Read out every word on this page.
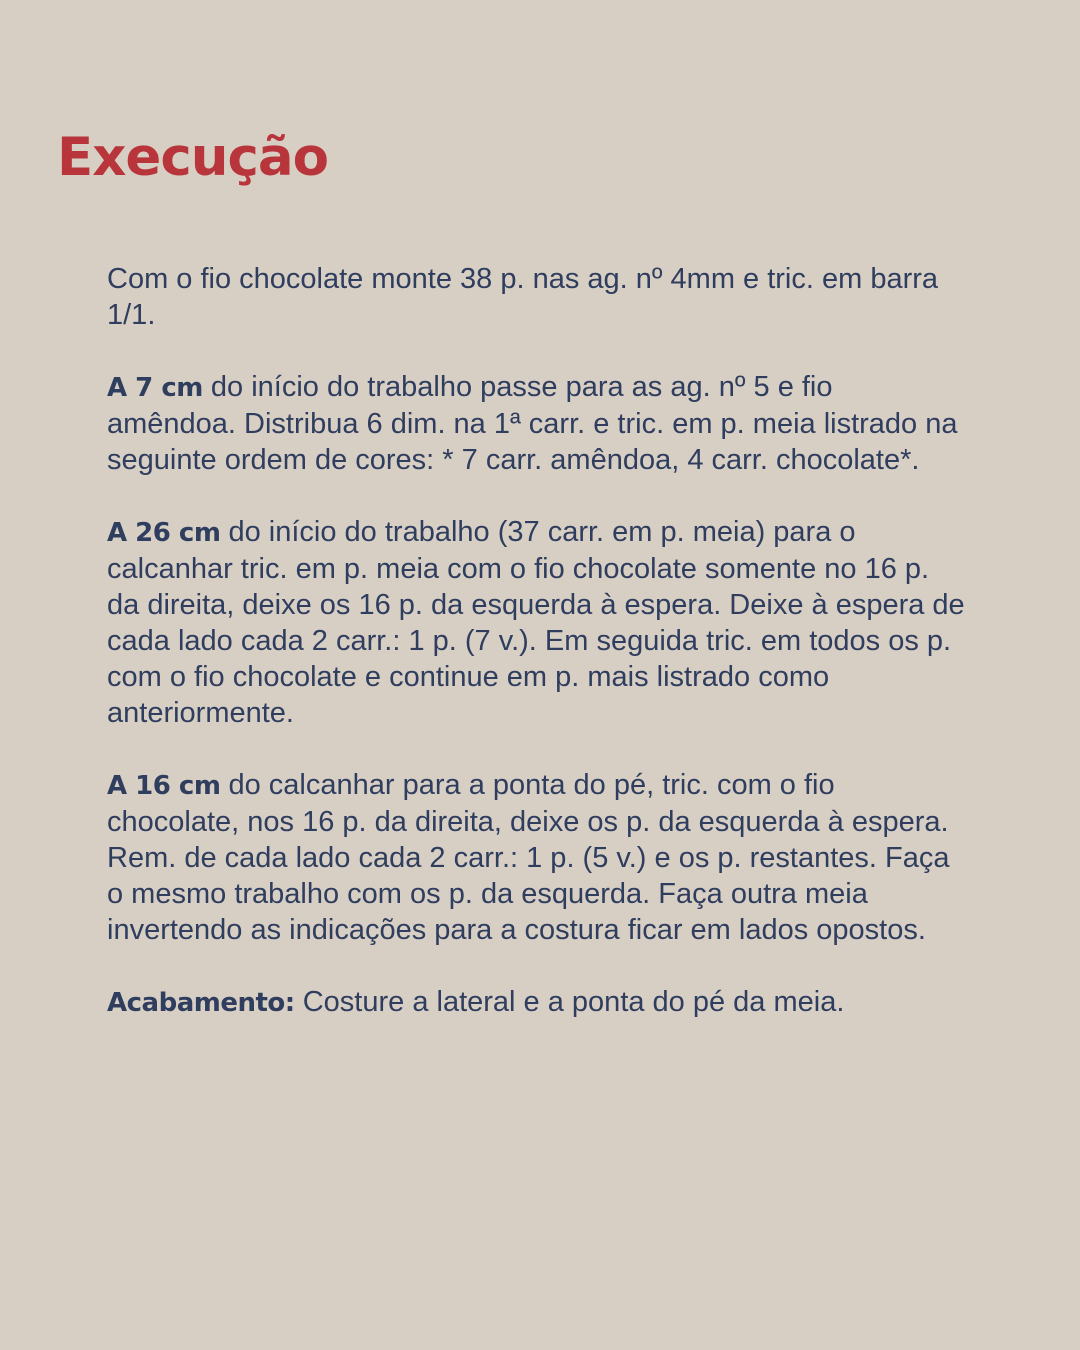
Execução

Com o fio chocolate monte 38 p. nas ag. nº 4mm e tric. em barra 1/1.

A 7 cm do início do trabalho passe para as ag. nº 5 e fio amêndoa. Distribua 6 dim. na 1ª carr. e tric. em p. meia listrado na seguinte ordem de cores: * 7 carr. amêndoa, 4 carr. chocolate*.

A 26 cm do início do trabalho (37 carr. em p. meia) para o calcanhar tric. em p. meia com o fio chocolate somente no 16 p. da direita, deixe os 16 p. da esquerda à espera. Deixe à espera de cada lado cada 2 carr.: 1 p. (7 v.). Em seguida tric. em todos os p. com o fio chocolate e continue em p. mais listrado como anteriormente.

A 16 cm do calcanhar para a ponta do pé, tric. com o fio chocolate, nos 16 p. da direita, deixe os p. da esquerda à espera. Rem. de cada lado cada 2 carr.: 1 p. (5 v.) e os p. restantes. Faça o mesmo trabalho com os p. da esquerda. Faça outra meia invertendo as indicações para a costura ficar em lados opostos.

Acabamento: Costure a lateral e a ponta do pé da meia.
